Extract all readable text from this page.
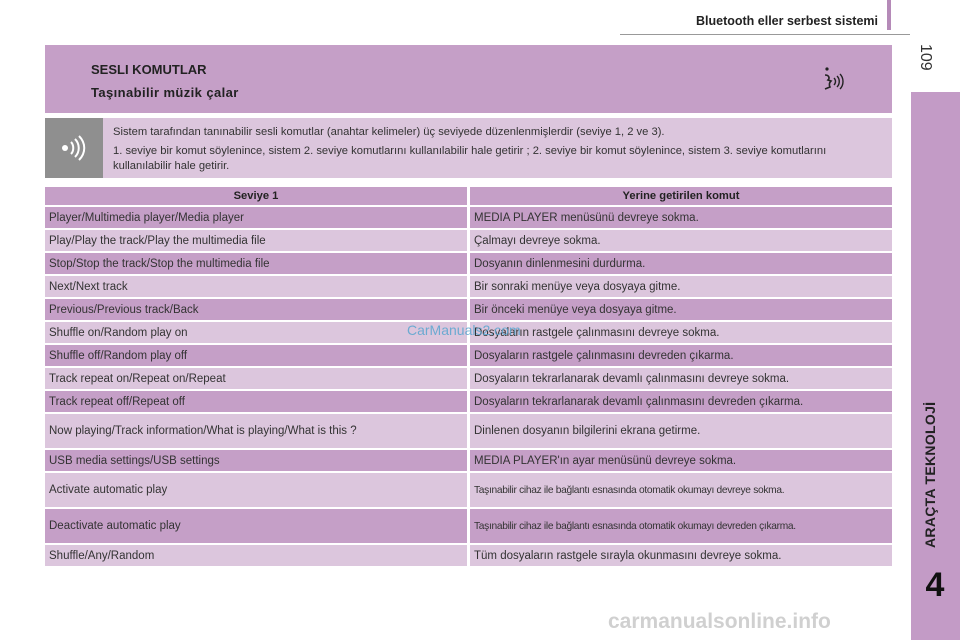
Bluetooth eller serbest sistemi
109
ARAÇTA TEKNOLOJİ
4
SESLI KOMUTLAR
Taşınabilir müzik çalar

Sistem tarafından tanınabilir sesli komutlar (anahtar kelimeler) üç seviyede düzenlenmişlerdir (seviye 1, 2 ve 3).

1. seviye bir komut söylenince, sistem 2. seviye komutlarını kullanılabilir hale getirir ; 2. seviye bir komut söylenince, sistem 3. seviye komutlarını kullanılabilir hale getirir.

Seviye 1	Yerine getirilen komut
Player/Multimedia player/Media player	MEDIA PLAYER menüsünü devreye sokma.
Play/Play the track/Play the multimedia file	Çalmayı devreye sokma.
Stop/Stop the track/Stop the multimedia file	Dosyanın dinlenmesini durdurma.
Next/Next track	Bir sonraki menüye veya dosyaya gitme.
Previous/Previous track/Back	Bir önceki menüye veya dosyaya gitme.
Shuffle on/Random play on	Dosyaların rastgele çalınmasını devreye sokma.
Shuffle off/Random play off	Dosyaların rastgele çalınmasını devreden çıkarma.
Track repeat on/Repeat on/Repeat	Dosyaların tekrarlanarak devamlı çalınmasını devreye sokma.
Track repeat off/Repeat off	Dosyaların tekrarlanarak devamlı çalınmasını devreden çıkarma.
Now playing/Track information/What is playing/What is this ?	Dinlenen dosyanın bilgilerini ekrana getirme.
USB media settings/USB settings	MEDIA PLAYER'ın ayar menüsünü devreye sokma.
Activate automatic play	Taşınabilir cihaz ile bağlantı esnasında otomatik okumayı devreye sokma.
Deactivate automatic play	Taşınabilir cihaz ile bağlantı esnasında otomatik okumayı devreden çıkarma.
Shuffle/Any/Random	Tüm dosyaların rastgele sırayla okunmasını devreye sokma.
CarManuals2.com
carmanualsonline.info
